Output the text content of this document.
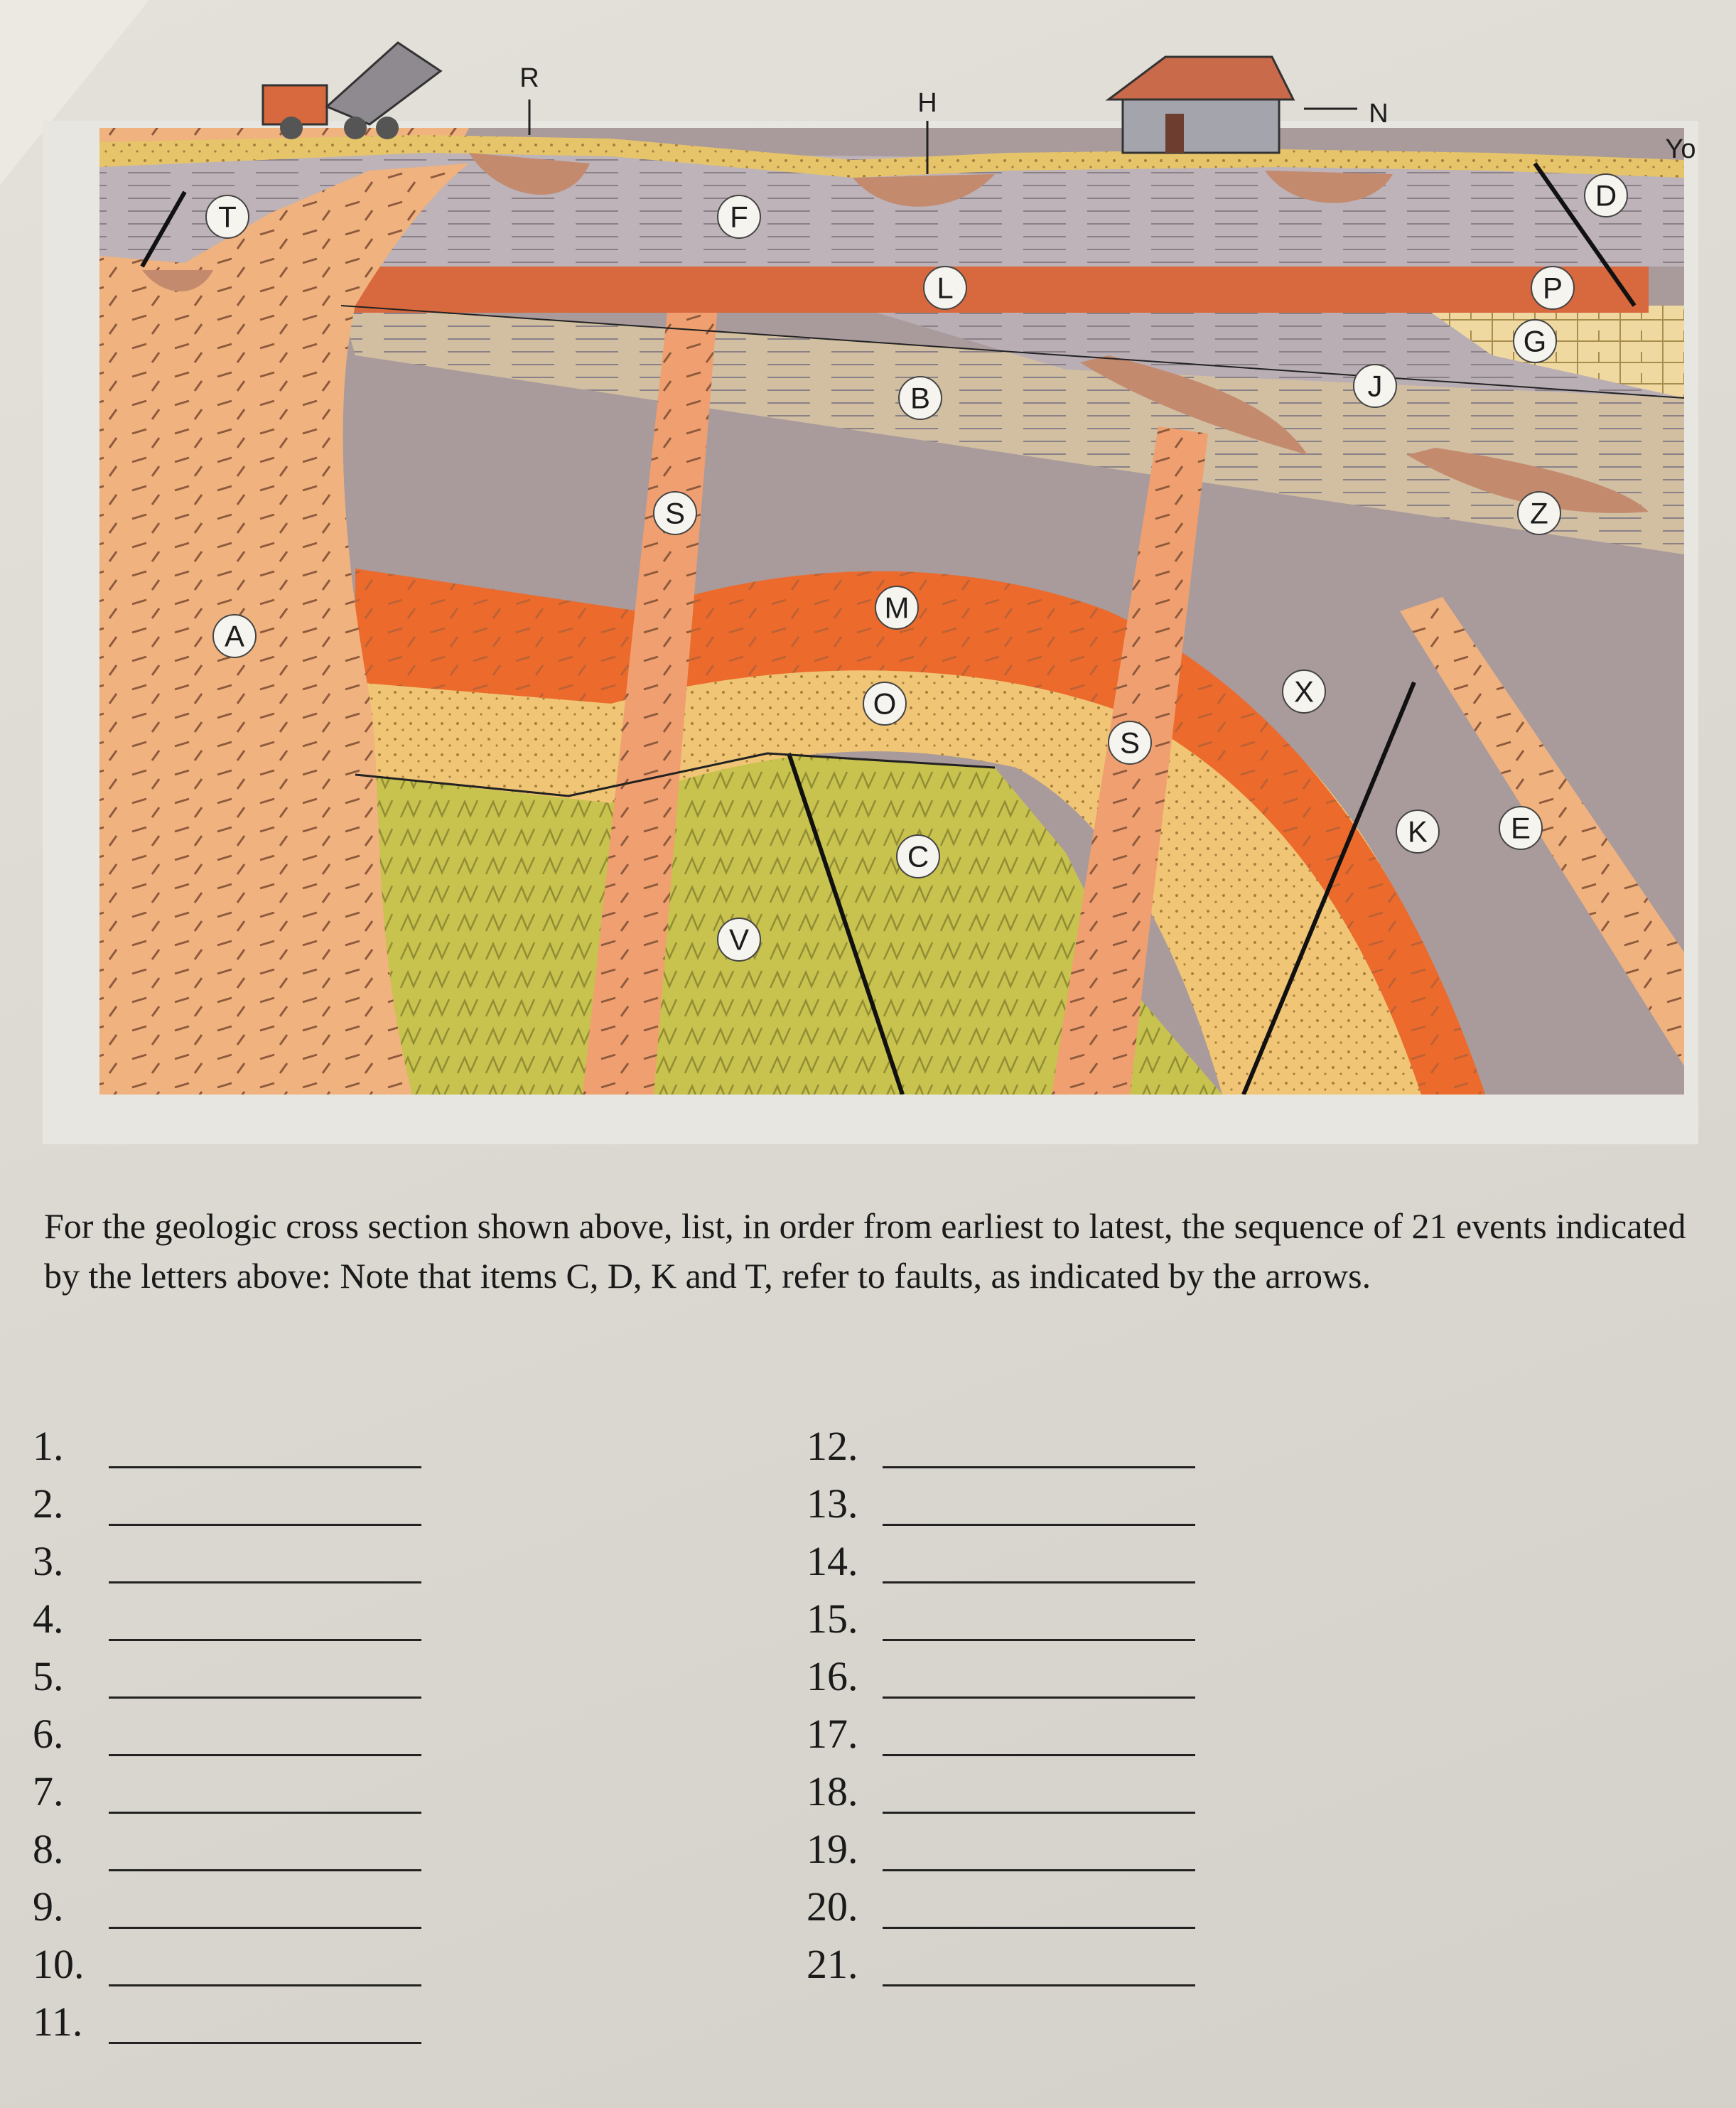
R
H	N
Yo
T	F
L
B
S
S
A
M
O
C
V
X
K	E
J
Z
G
P
D

For the geologic cross section shown above, list, in order from earliest to latest, the sequence of 21 events indicated by the letters above: Note that items C, D, K and T, refer to faults, as indicated by the arrows.

1.
2.
3.
4.
5.
6.
7.
8.
9.
10.
11.
12.
13.
14.
15.
16.
17.
18.
19.
20.
21.
